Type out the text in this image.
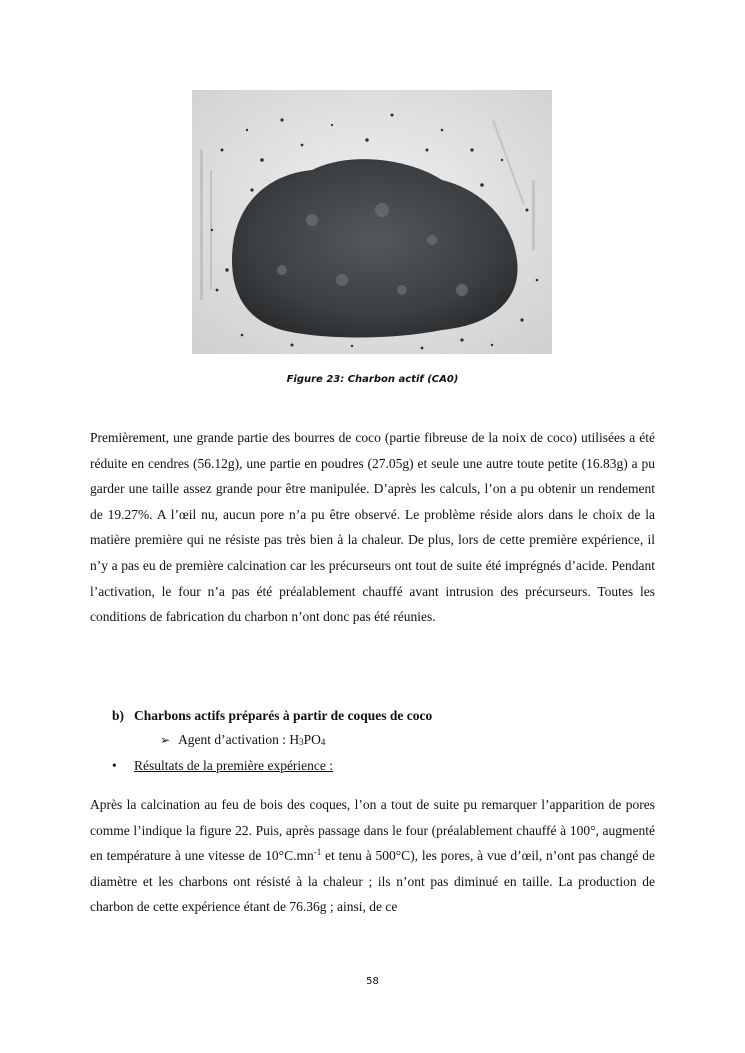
Figure 23: Charbon actif (CA0)

Premièrement, une grande partie des bourres de coco (partie fibreuse de la noix de coco) utilisées a été réduite en cendres (56.12g), une partie en poudres (27.05g) et seule une autre toute petite (16.83g) a pu garder une taille assez grande pour être manipulée. D’après les calculs, l’on a pu obtenir un rendement de 19.27%. A l’œil nu, aucun pore n’a pu être observé. Le problème réside alors dans le choix de la matière première qui ne résiste pas très bien à la chaleur. De plus, lors de cette première expérience, il n’y a pas eu de première calcination car les précurseurs ont tout de suite été imprégnés d’acide. Pendant l’activation, le four n’a pas été préalablement chauffé avant intrusion des précurseurs. Toutes les conditions de fabrication du charbon n’ont donc pas été réunies.

b) Charbons actifs préparés à partir de coques de coco
➢ Agent d’activation : $H_3PO_4$
• Résultats de la première expérience :

Après la calcination au feu de bois des coques, l’on a tout de suite pu remarquer l’apparition de pores comme l’indique la figure 22. Puis, après passage dans le four (préalablement chauffé à 100°, augmenté en température à une vitesse de $10^\circ C.mn^{-1}$ et tenu à 500°C), les pores, à vue d’œil, n’ont pas changé de diamètre et les charbons ont résisté à la chaleur ; ils n’ont pas diminué en taille. La production de charbon de cette expérience étant de 76.36g ; ainsi, de ce

58
